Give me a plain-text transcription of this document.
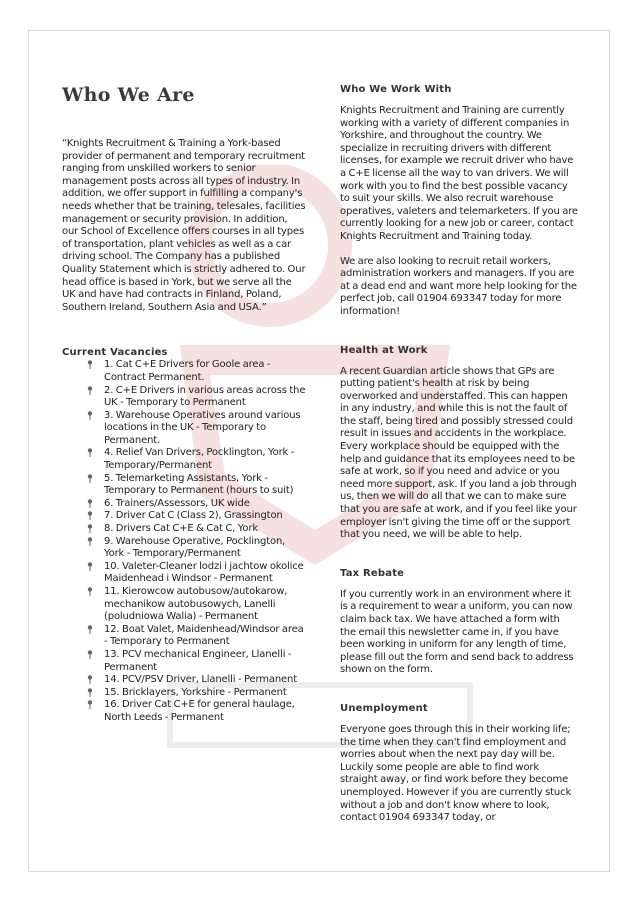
Who We Are

“Knights Recruitment & Training a York-based provider of permanent and temporary recruitment ranging from unskilled workers to senior management posts across all types of industry. In addition, we offer support in fulfilling a company's needs whether that be training, telesales, facilities management or security provision. In addition, our School of Excellence offers courses in all types of transportation, plant vehicles as well as a car driving school. The Company has a published Quality Statement which is strictly adhered to. Our head office is based in York, but we serve all the UK and have had contracts in Finland, Poland, Southern Ireland, Southern Asia and USA.”

Current Vacancies
1. Cat C+E Drivers for Goole area - Contract Permanent.
2. C+E Drivers in various areas across the UK - Temporary to Permanent
3. Warehouse Operatives around various locations in the UK - Temporary to Permanent.
4. Relief Van Drivers, Pocklington, York - Temporary/Permanent
5. Telemarketing Assistants, York - Temporary to Permanent (hours to suit)
6. Trainers/Assessors, UK wide
7. Driver Cat C (Class 2), Grassington
8. Drivers Cat C+E & Cat C, York
9. Warehouse Operative, Pocklington, York - Temporary/Permanent
10. Valeter-Cleaner lodzi i jachtow okolice Maidenhead i Windsor - Permanent
11. Kierowcow autobusow/autokarow, mechanikow autobusowych, Lanelli (poludniowa Walia) - Permanent
12. Boat Valet, Maidenhead/Windsor area - Temporary to Permanent
13. PCV mechanical Engineer, Llanelli - Permanent
14. PCV/PSV Driver, Llanelli - Permanent
15. Bricklayers, Yorkshire - Permanent
16. Driver Cat C+E for general haulage, North Leeds - Permanent
Who We Work With

Knights Recruitment and Training are currently working with a variety of different companies in Yorkshire, and throughout the country. We specialize in recruiting drivers with different licenses, for example we recruit driver who have a C+E license all the way to van drivers. We will work with you to find the best possible vacancy to suit your skills. We also recruit warehouse operatives, valeters and telemarketers. If you are currently looking for a new job or career, contact Knights Recruitment and Training today.

We are also looking to recruit retail workers, administration workers and managers. If you are at a dead end and want more help looking for the perfect job, call 01904 693347 today for more information!

Health at Work

A recent Guardian article shows that GPs are putting patient's health at risk by being overworked and understaffed. This can happen in any industry, and while this is not the fault of the staff, being tired and possibly stressed could result in issues and accidents in the workplace. Every workplace should be equipped with the help and guidance that its employees need to be safe at work, so if you need and advice or you need more support, ask. If you land a job through us, then we will do all that we can to make sure that you are safe at work, and if you feel like your employer isn't giving the time off or the support that you need, we will be able to help.

Tax Rebate

If you currently work in an environment where it is a requirement to wear a uniform, you can now claim back tax. We have attached a form with the email this newsletter came in, if you have been working in uniform for any length of time, please fill out the form and send back to address shown on the form.

Unemployment

Everyone goes through this in their working life; the time when they can't find employment and worries about when the next pay day will be. Luckily some people are able to find work straight away, or find work before they become unemployed. However if you are currently stuck without a job and don't know where to look, contact 01904 693347 today, or
